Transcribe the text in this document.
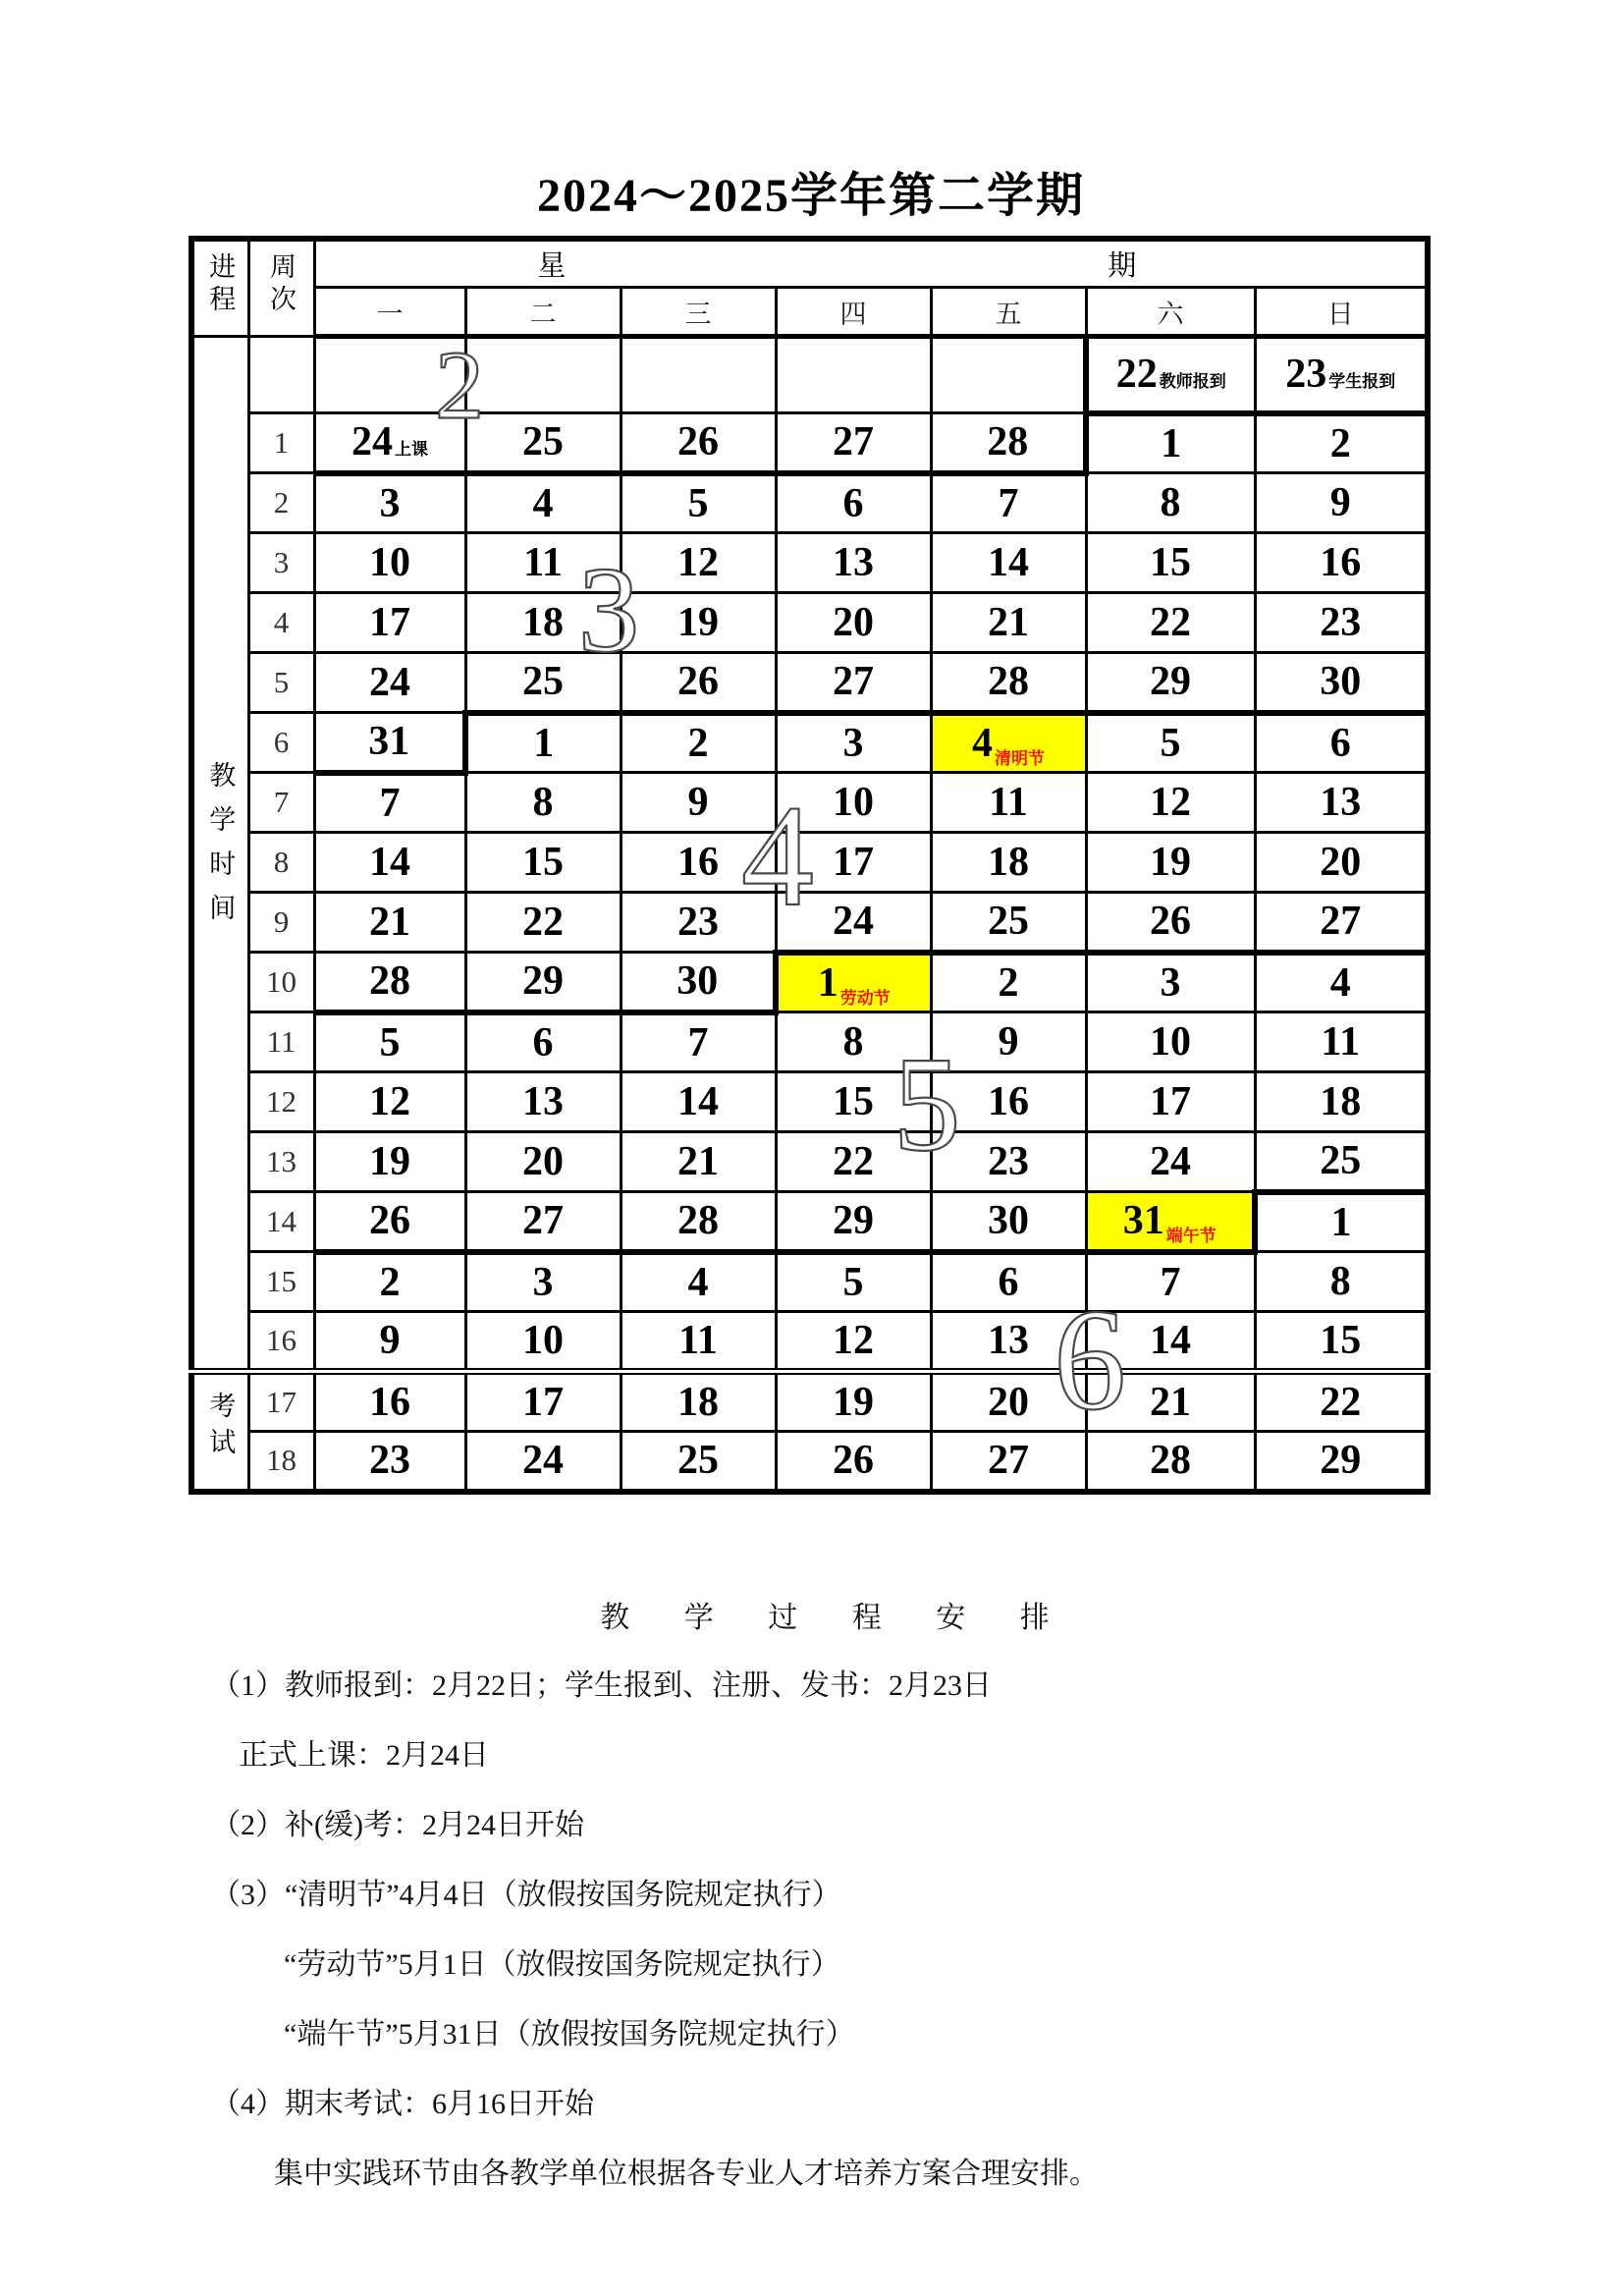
2024～2025学年第二学期
进程	周次	星 期						

		一	二	三	四	五	六	日
教学时间							22 教师报到	23 学生报到

	1	24 上课	25	26	27	28	1	2

	2	3	4	5	6	7	8	9

	3	10	11	12	13	14	15	16

	4	17	18	19	20	21	22	23

	5	24	25	26	27	28	29	30

	6	31	1	2	3	4 清明节	5	6

	7	7	8	9	10	11	12	13

	8	14	15	16	17	18	19	20

	9	21	22	23	24	25	26	27

	10	28	29	30	1 劳动节	2	3	4

	11	5	6	7	8	9	10	11

	12	12	13	14	15	16	17	18

	13	19	20	21	22	23	24	25

	14	26	27	28	29	30	31 端午节	1

	15	2	3	4	5	6	7	8

	16	9	10	11	12	13	14	15

考试	17	16	17	18	19	20	21	22

	18	23	24	25	26	27	28	29
2
3
4
5
6
教 学 过 程 安 排
（1）教师报到：2月22日；学生报到、注册、发书：2月23日
正式上课：2月24日
（2）补(缓)考：2月24日开始
（3）“清明节”4月4日（放假按国务院规定执行）
“劳动节”5月1日（放假按国务院规定执行）
“端午节”5月31日（放假按国务院规定执行）
（4）期末考试：6月16日开始
集中实践环节由各教学单位根据各专业人才培养方案合理安排。
